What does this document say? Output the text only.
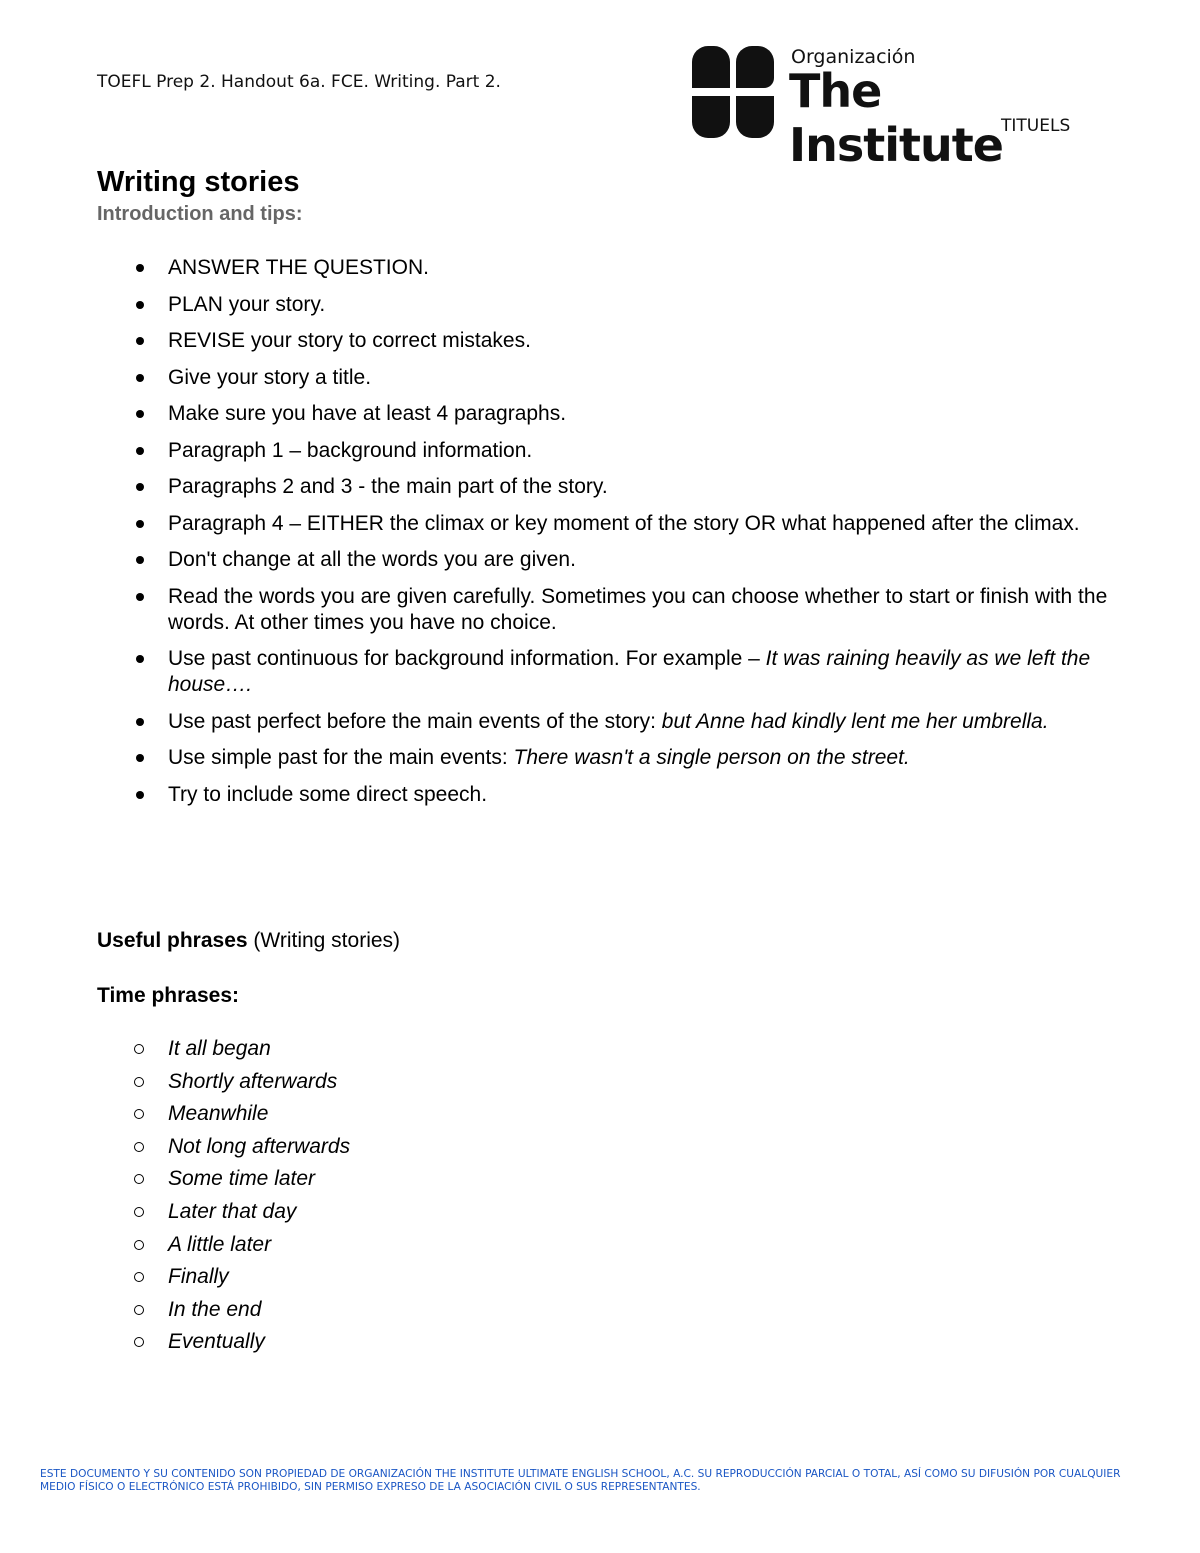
TOEFL Prep 2. Handout 6a. FCE. Writing. Part 2.
Organización
The Institute
TITUELS
Writing stories
Introduction and tips:
ANSWER THE QUESTION.
PLAN your story.
REVISE your story to correct mistakes.
Give your story a title.
Make sure you have at least 4 paragraphs.
Paragraph 1 – background information.
Paragraphs 2 and 3 - the main part of the story.
Paragraph 4 – EITHER the climax or key moment of the story OR what happened after the climax.
Don't change at all the words you are given.
Read the words you are given carefully. Sometimes you can choose whether to start or finish with the words. At other times you have no choice.
Use past continuous for background information. For example – It was raining heavily as we left the house….
Use past perfect before the main events of the story: but Anne had kindly lent me her umbrella.
Use simple past for the main events: There wasn't a single person on the street.
Try to include some direct speech.
Useful phrases (Writing stories)
Time phrases:
It all began
Shortly afterwards
Meanwhile
Not long afterwards
Some time later
Later that day
A little later
Finally
In the end
Eventually
ESTE DOCUMENTO Y SU CONTENIDO SON PROPIEDAD DE ORGANIZACIÓN THE INSTITUTE ULTIMATE ENGLISH SCHOOL, A.C. SU REPRODUCCIÓN PARCIAL O TOTAL, ASÍ COMO SU DIFUSIÓN POR CUALQUIER MEDIO FÍSICO O ELECTRÓNICO ESTÁ PROHIBIDO, SIN PERMISO EXPRESO DE LA ASOCIACIÓN CIVIL O SUS REPRESENTANTES.
